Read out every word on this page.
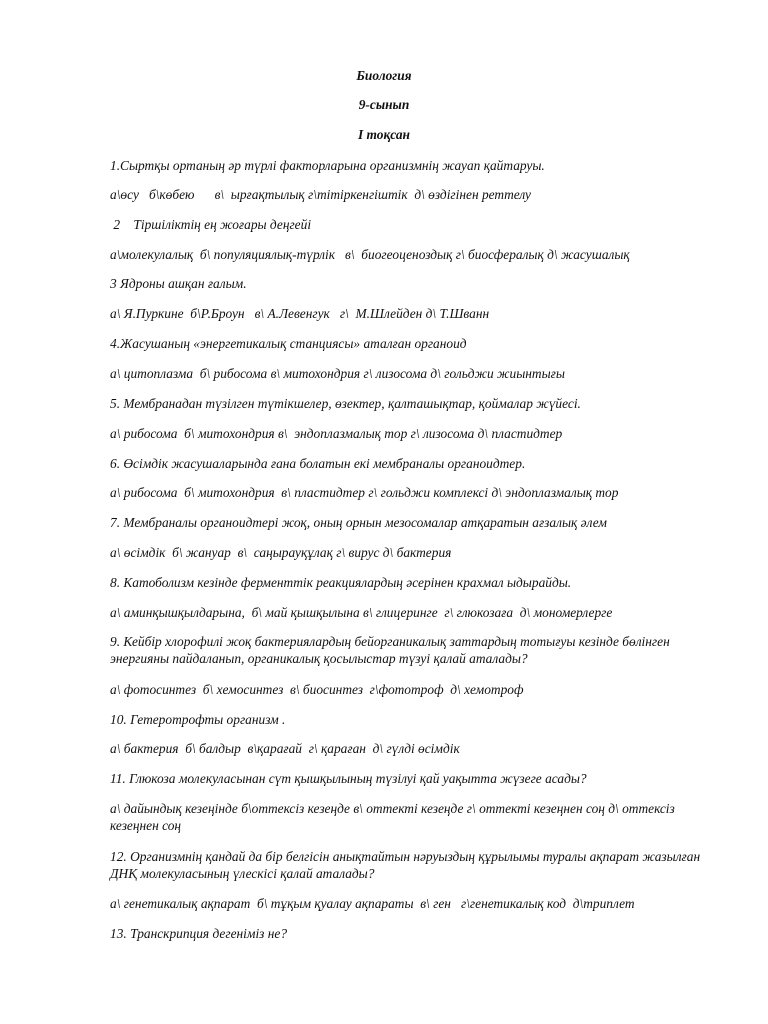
Биология
9-сынып
І тоқсан
1.Сыртқы ортаның әр түрлі факторларына организмнің жауап қайтаруы.
а\өсу   б\көбею      в\  ырғақтылық г\тітіркенгіштік  д\ өздігінен реттелу
2    Тіршіліктің ең жоғары деңгейі
а\молекулалық  б\ популяциялық-түрлік   в\  биогеоценоздық г\ биосфералық д\ жасушалық
3 Ядроны ашқан ғалым.
а\ Я.Пуркине  б\Р.Броун   в\ А.Левенгук   г\  М.Шлейден д\ Т.Шванн
4.Жасушаның «энергетикалық станциясы» аталған органоид
а\ цитоплазма  б\ рибосома в\ митохондрия г\ лизосома д\ гольджи жиынтығы
5. Мембранадан түзілген түтікшелер, өзектер, қалташықтар, қоймалар жүйесі.
а\ рибосома  б\ митохондрия в\  эндоплазмалық тор г\ лизосома д\ пластидтер
6. Өсімдік жасушаларында ғана болатын екі мембраналы органоидтер.
а\ рибосома  б\ митохондрия  в\ пластидтер г\ гольджи комплексі д\ эндоплазмалық тор
7. Мембраналы органоидтері жоқ, оның орнын мезосомалар атқаратын ағзалық әлем
а\ өсімдік  б\ жануар  в\  саңырауқұлақ г\ вирус д\ бактерия
8. Катоболизм кезінде ферменттік реакциялардың әсерінен крахмал ыдырайды.
а\ аминқышқылдарына,  б\ май қышқылына в\ глицеринге  г\ глюкозаға  д\ мономерлерге
9. Кейбір хлорофилі жоқ бактериялардың бейорганикалық заттардың тотығуы кезінде бөлінген энергияны пайдаланып, органикалық қосылыстар түзуі қалай аталады?
а\ фотосинтез  б\ хемосинтез  в\ биосинтез  г\фототроф  д\ хемотроф
10. Гетеротрофты организм .
а\ бактерия  б\ балдыр  в\қарағай  г\ қараған  д\ гүлді өсімдік
11. Глюкоза молекуласынан сүт қышқылының түзілуі қай уақытта жүзеге асады?
а\ дайындық кезеңінде б\оттексіз кезеңде в\ оттекті кезеңде г\ оттекті кезеңнен соң д\ оттексіз кезеңнен соң
12. Организмнің қандай да бір белгісін анықтайтын нәруыздың құрылымы туралы ақпарат жазылған ДНҚ молекуласының үлескісі қалай аталады?
а\ генетикалық ақпарат  б\ тұқым қуалау ақпараты  в\ ген   г\генетикалық код  д\триплет
13. Транскрипция дегеніміз не?
